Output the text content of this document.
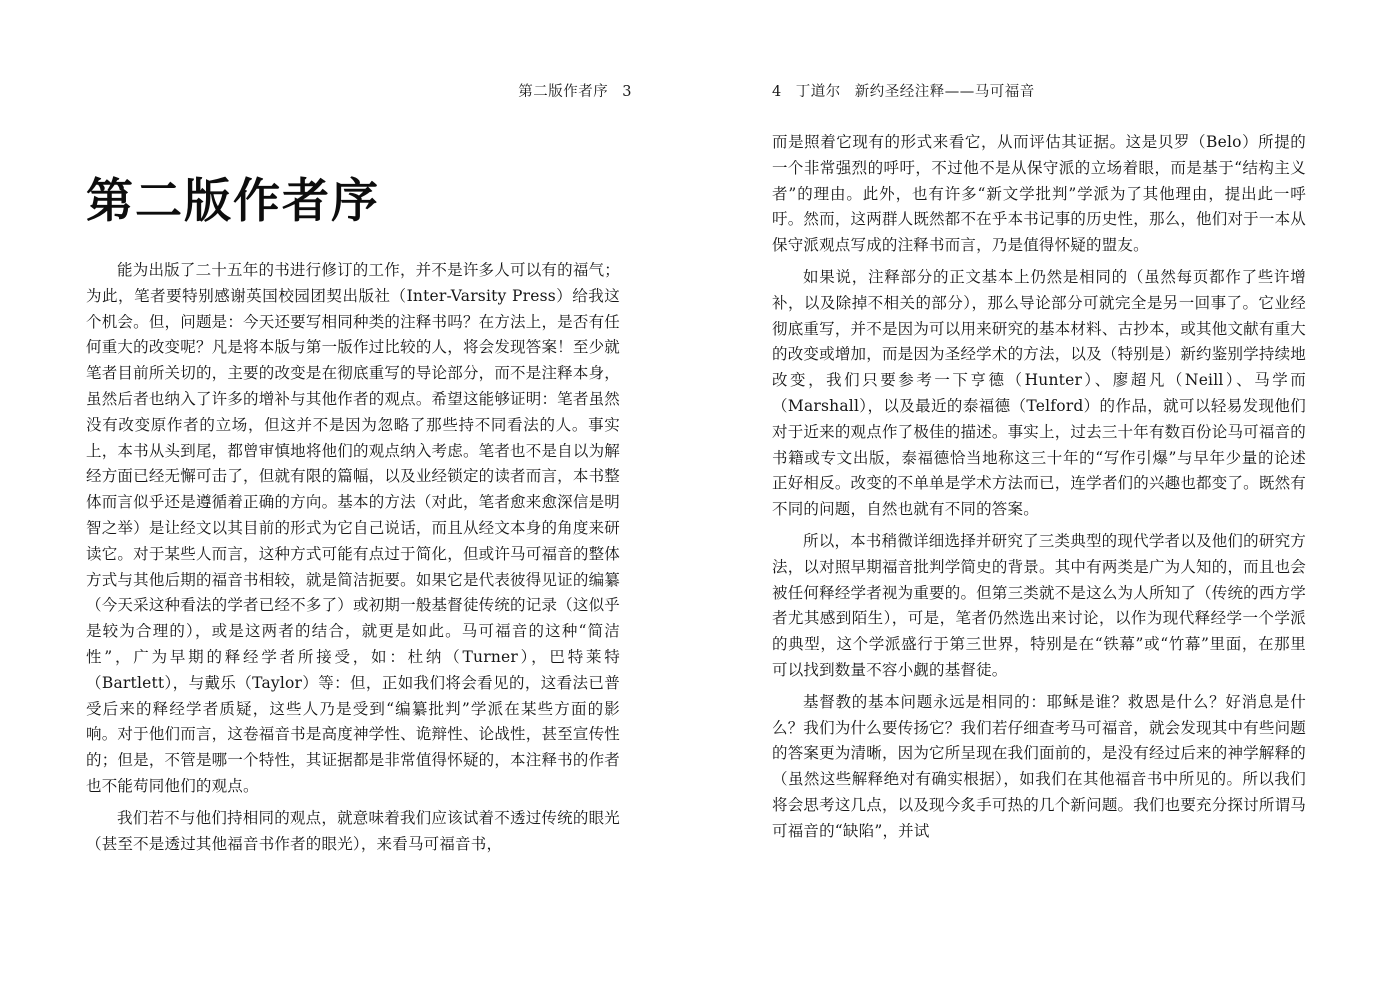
第二版作者序 3
第二版作者序

能为出版了二十五年的书进行修订的工作，并不是许多人可以有的福气；为此，笔者要特别感谢英国校园团契出版社（Inter-Varsity Press）给我这个机会。但，问题是：今天还要写相同种类的注释书吗？在方法上，是否有任何重大的改变呢？凡是将本版与第一版作过比较的人，将会发现答案！至少就笔者目前所关切的，主要的改变是在彻底重写的导论部分，而不是注释本身，虽然后者也纳入了许多的增补与其他作者的观点。希望这能够证明：笔者虽然没有改变原作者的立场，但这并不是因为忽略了那些持不同看法的人。事实上，本书从头到尾，都曾审慎地将他们的观点纳入考虑。笔者也不是自以为解经方面已经无懈可击了，但就有限的篇幅，以及业经锁定的读者而言，本书整体而言似乎还是遵循着正确的方向。基本的方法（对此，笔者愈来愈深信是明智之举）是让经文以其目前的形式为它自己说话，而且从经文本身的角度来研读它。对于某些人而言，这种方式可能有点过于简化，但或许马可福音的整体方式与其他后期的福音书相较，就是简洁扼要。如果它是代表彼得见证的编纂（今天采这种看法的学者已经不多了）或初期一般基督徒传统的记录（这似乎是较为合理的），或是这两者的结合，就更是如此。马可福音的这种“简洁性”，广为早期的释经学者所接受，如：杜纳（Turner），巴特莱特（Bartlett），与戴乐（Taylor）等：但，正如我们将会看见的，这看法已普受后来的释经学者质疑，这些人乃是受到“编纂批判”学派在某些方面的影响。对于他们而言，这卷福音书是高度神学性、诡辩性、论战性，甚至宣传性的；但是，不管是哪一个特性，其证据都是非常值得怀疑的，本注释书的作者也不能苟同他们的观点。

我们若不与他们持相同的观点，就意味着我们应该试着不透过传统的眼光（甚至不是透过其他福音书作者的眼光），来看马可福音书，

4 丁道尔 新约圣经注释——马可福音

而是照着它现有的形式来看它，从而评估其证据。这是贝罗（Belo）所提的一个非常强烈的呼吁，不过他不是从保守派的立场着眼，而是基于“结构主义者”的理由。此外，也有许多“新文学批判”学派为了其他理由，提出此一呼吁。然而，这两群人既然都不在乎本书记事的历史性，那么，他们对于一本从保守派观点写成的注释书而言，乃是值得怀疑的盟友。

如果说，注释部分的正文基本上仍然是相同的（虽然每页都作了些许增补，以及除掉不相关的部分），那么导论部分可就完全是另一回事了。它业经彻底重写，并不是因为可以用来研究的基本材料、古抄本，或其他文献有重大的改变或增加，而是因为圣经学术的方法，以及（特别是）新约鉴别学持续地改变，我们只要参考一下亨德（Hunter）、廖超凡（Neill）、马学而（Marshall），以及最近的泰福德（Telford）的作品，就可以轻易发现他们对于近来的观点作了极佳的描述。事实上，过去三十年有数百份论马可福音的书籍或专文出版，泰福德恰当地称这三十年的“写作引爆”与早年少量的论述正好相反。改变的不单单是学术方法而已，连学者们的兴趣也都变了。既然有不同的问题，自然也就有不同的答案。

所以，本书稍微详细选择并研究了三类典型的现代学者以及他们的研究方法，以对照早期福音批判学简史的背景。其中有两类是广为人知的，而且也会被任何释经学者视为重要的。但第三类就不是这么为人所知了（传统的西方学者尤其感到陌生），可是，笔者仍然选出来讨论，以作为现代释经学一个学派的典型，这个学派盛行于第三世界，特别是在“铁幕”或“竹幕”里面，在那里可以找到数量不容小觑的基督徒。

基督教的基本问题永远是相同的：耶稣是谁？救恩是什么？好消息是什么？我们为什么要传扬它？我们若仔细查考马可福音，就会发现其中有些问题的答案更为清晰，因为它所呈现在我们面前的，是没有经过后来的神学解释的（虽然这些解释绝对有确实根据），如我们在其他福音书中所见的。所以我们将会思考这几点，以及现今炙手可热的几个新问题。我们也要充分探讨所谓马可福音的“缺陷”，并试
